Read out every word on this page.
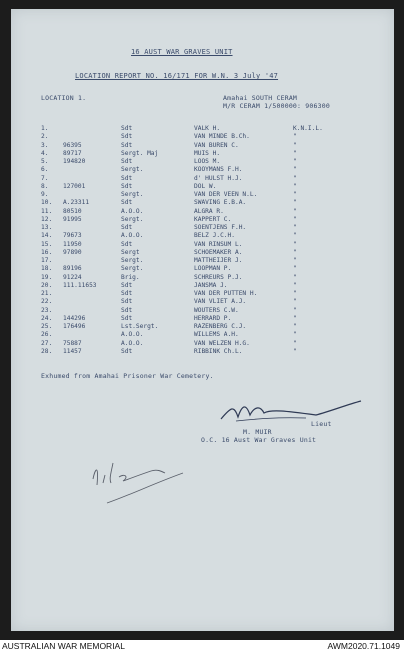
16 AUST WAR GRAVES UNIT
LOCATION REPORT NO. 16/171 FOR W.N. 3 July '47
LOCATION 1.	Amahai SOUTH CERAM
M/R CERAM 1/500000: 906300
1.	Sdt	VALK H.	K.N.I.L.
2.	Sdt	VAN MINDE B.Ch.	"
3. 96395	Sdt	VAN BUREN C.	"
4. 89717	Sergt. Maj	MUIS H.	"
5. 194820	Sdt	LOOS M.	"
6.	Sergt.	KOOYMANS F.H.	"
7.	Sdt	d' HULST H.J.	"
8. 127001	Sdt	DOL W.	"
9.	Sergt.	VAN DER VEEN N.L.	"
10. A.23311	Sdt	SWAVING E.B.A.	"
11. 80510	A.O.O.	ALGRA R.	"
12. 91995	Sergt.	KAPPERT C.	"
13.	Sdt	SOENTJENS F.H.	"
14. 79673	A.O.O.	BELZ J.C.H.	"
15. 11950	Sdt	VAN RINSUM L.	"
16. 97890	Sergt	SCHOEMAKER A.	"
17.	Sergt.	MATTHEIJER J.	"
18. 89196	Sergt.	LOOPMAN P.	"
19. 91224	Brig.	SCHREURS P.J.	"
20. 111.11653	Sdt	JANSMA J.	"
21.	Sdt	VAN DER PUTTEN H.	"
22.	Sdt	VAN VLIET A.J.	"
23.	Sdt	WOUTERS C.W.	"
24. 144296	Sdt	HERRARD P.	"
25. 176496	Lst.Sergt.	RAZENBERG C.J.	"
26.	A.O.O.	WILLEMS A.H.	"
27. 75887	A.O.O.	VAN WELZEN H.G.	"
28. 11457	Sdt	RIBBINK Ch.L.	"
Exhumed from Amahai Prisoner War Cemetery.
Lieut
M. MUIR
O.C. 16 Aust War Graves Unit
AUSTRALIAN WAR MEMORIAL	AWM2020.71.1049
